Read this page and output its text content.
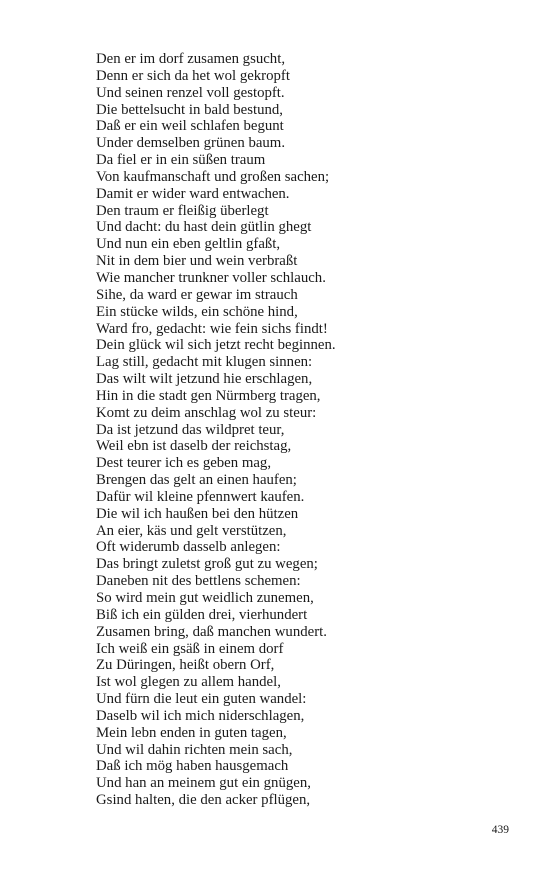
Den er im dorf zusamen gsucht,
Denn er sich da het wol gekropft
Und seinen renzel voll gestopft.
Die bettelsucht in bald bestund,
Daß er ein weil schlafen begunt
Under demselben grünen baum.
Da fiel er in ein süßen traum
Von kaufmanschaft und großen sachen;
Damit er wider ward entwachen.
Den traum er fleißig überlegt
Und dacht: du hast dein gütlin ghegt
Und nun ein eben geltlin gfaßt,
Nit in dem bier und wein verbraßt
Wie mancher trunkner voller schlauch.
Sihe, da ward er gewar im strauch
Ein stücke wilds, ein schöne hind,
Ward fro, gedacht: wie fein sichs findt!
Dein glück wil sich jetzt recht beginnen.
Lag still, gedacht mit klugen sinnen:
Das wilt wilt jetzund hie erschlagen,
Hin in die stadt gen Nürmberg tragen,
Komt zu deim anschlag wol zu steur:
Da ist jetzund das wildpret teur,
Weil ebn ist daselb der reichstag,
Dest teurer ich es geben mag,
Brengen das gelt an einen haufen;
Dafür wil kleine pfennwert kaufen.
Die wil ich haußen bei den hützen
An eier, käs und gelt verstützen,
Oft widerumb dasselb anlegen:
Das bringt zuletst groß gut zu wegen;
Daneben nit des bettlens schemen:
So wird mein gut weidlich zunemen,
Biß ich ein gülden drei, vierhundert
Zusamen bring, daß manchen wundert.
Ich weiß ein gsäß in einem dorf
Zu Düringen, heißt obern Orf,
Ist wol glegen zu allem handel,
Und fürn die leut ein guten wandel:
Daselb wil ich mich niderschlagen,
Mein lebn enden in guten tagen,
Und wil dahin richten mein sach,
Daß ich mög haben hausgemach
Und han an meinem gut ein gnügen,
Gsind halten, die den acker pflügen,
439
